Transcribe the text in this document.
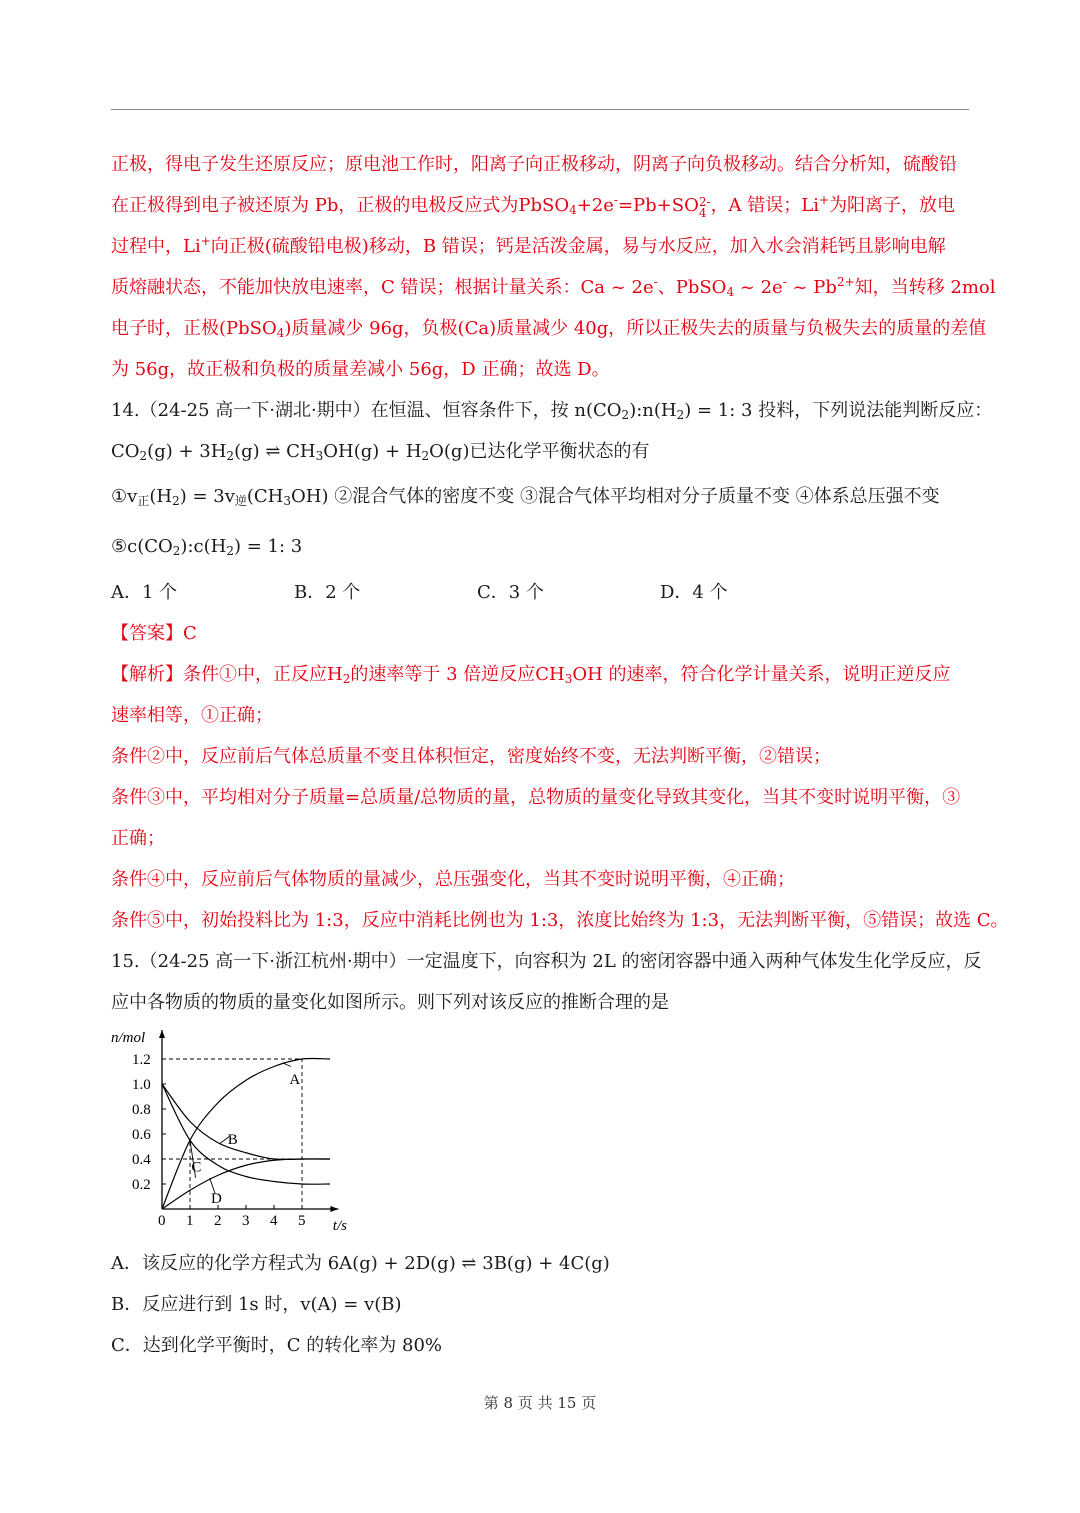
正极，得电子发生还原反应；原电池工作时，阳离子向正极移动，阴离子向负极移动。结合分析知，硫酸铅
在正极得到电子被还原为 Pb，正极的电极反应式为PbSO$_4$+2e-=Pb+SO 2-
4 ，A 错误；Li+为阳离子，放电
过程中，Li+向正极(硫酸铅电极)移动，B 错误；钙是活泼金属，易与水反应，加入水会消耗钙且影响电解
质熔融状态，不能加快放电速率，C 错误；根据计量关系：Ca ~ 2e-、PbSO$_4$ ~ 2e- ~ $Pb^{2+}$知，当转移 2mol
电子时，正极(PbSO$_4$)质量减少 96g，负极(Ca)质量减少 40g，所以正极失去的质量与负极失去的质量的差值
为 56g，故正极和负极的质量差减小 56g，D 正确；故选 D。
14.（24-25 高一下·湖北·期中）在恒温、恒容条件下，按 $n(CO_2):n(H_2) = 1$: 3 投料，下列说法能判断反应：
$CO_2(g) + 3H_2(g)$ ⇌ $CH_3OH(g) + H_2O(g)$已达化学平衡状态的有
$①v_正(H_2) = 3v_逆(CH_3OH)$ ②混合气体的密度不变 ③混合气体平均相对分子质量不变 ④体系总压强不变
$⑤c(CO_2):c(H_2) = 1$: 3
A．1 个	B．2 个	C．3 个	D．4 个
【答案】C
【解析】条件①中，正反应$H_2$的速率等于 3 倍逆反应$CH_3OH$ 的速率，符合化学计量关系，说明正逆反应
速率相等，①正确；
条件②中，反应前后气体总质量不变且体积恒定，密度始终不变，无法判断平衡，②错误；
条件③中，平均相对分子质量=总质量/总物质的量，总物质的量变化导致其变化，当其不变时说明平衡，③
正确；
条件④中，反应前后气体物质的量减少，总压强变化，当其不变时说明平衡，④正确；
条件⑤中，初始投料比为 1:3，反应中消耗比例也为 1:3，浓度比始终为 1:3，无法判断平衡，⑤错误；故选 C。
15.（24-25 高一下·浙江杭州·期中）一定温度下，向容积为 2L 的密闭容器中通入两种气体发生化学反应，反
应中各物质的物质的量变化如图所示。则下列对该反应的推断合理的是
n/mol
t/s
0 1 2 3 4 5
0.2
0.4
0.6
0.8
1.0
1.2
A
B
C
D
A．该反应的化学方程式为 6A(g) + 2D(g) ⇌ 3B(g) + 4C(g)
B．反应进行到 1s 时，v(A) = v(B)
C．达到化学平衡时，C 的转化率为 80%
第 8 页 共 15 页
